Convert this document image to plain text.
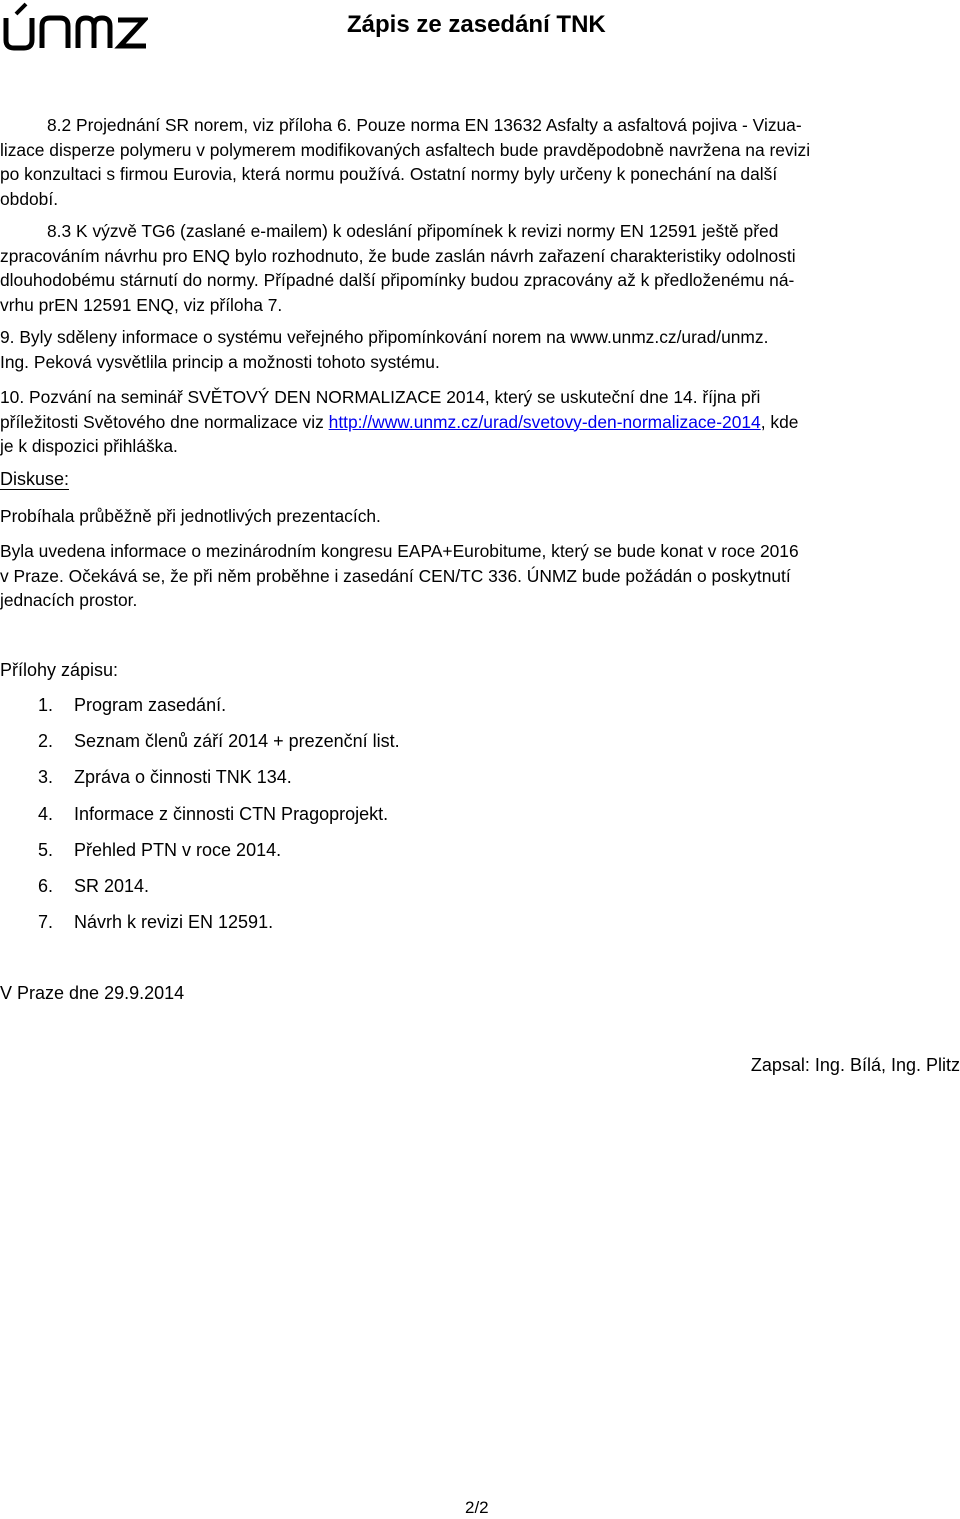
Zápis ze zasedání TNK
8.2 Projednání SR norem, viz příloha 6. Pouze norma EN 13632 Asfalty a asfaltová pojiva - Vizua-
lizace disperze polymeru v polymerem modifikovaných asfaltech bude pravděpodobně navržena na revizi
po konzultaci s firmou Eurovia, která normu používá. Ostatní normy byly určeny k ponechání na další
období.
8.3 K výzvě TG6 (zaslané e-mailem) k odeslání připomínek k revizi normy EN 12591 ještě před
zpracováním návrhu pro ENQ bylo rozhodnuto, že bude zaslán návrh zařazení charakteristiky odolnosti
dlouhodobému stárnutí do normy. Případné další připomínky budou zpracovány až k předloženému ná-
vrhu prEN 12591 ENQ, viz příloha 7.
9. Byly sděleny informace o systému veřejného připomínkování norem na www.unmz.cz/urad/unmz.
Ing. Peková vysvětlila princip a možnosti tohoto systému.
10. Pozvání na seminář SVĚTOVÝ DEN NORMALIZACE 2014, který se uskuteční dne 14. října při
příležitosti Světového dne normalizace viz http://www.unmz.cz/urad/svetovy-den-normalizace-2014, kde
je k dispozici přihláška.
Diskuse:
Probíhala průběžně při jednotlivých prezentacích.
Byla uvedena informace o mezinárodním kongresu EAPA+Eurobitume, který se bude konat v roce 2016
v Praze. Očekává se, že při něm proběhne i zasedání CEN/TC 336. ÚNMZ bude požádán o poskytnutí
jednacích prostor.
Přílohy zápisu:
1. Program zasedání.
2. Seznam členů září 2014 + prezenční list.
3. Zpráva o činnosti TNK 134.
4. Informace z činnosti CTN Pragoprojekt.
5. Přehled PTN v roce 2014.
6. SR 2014.
7. Návrh k revizi EN 12591.
V Praze dne 29.9.2014
Zapsal: Ing. Bílá, Ing. Plitz
2/2
